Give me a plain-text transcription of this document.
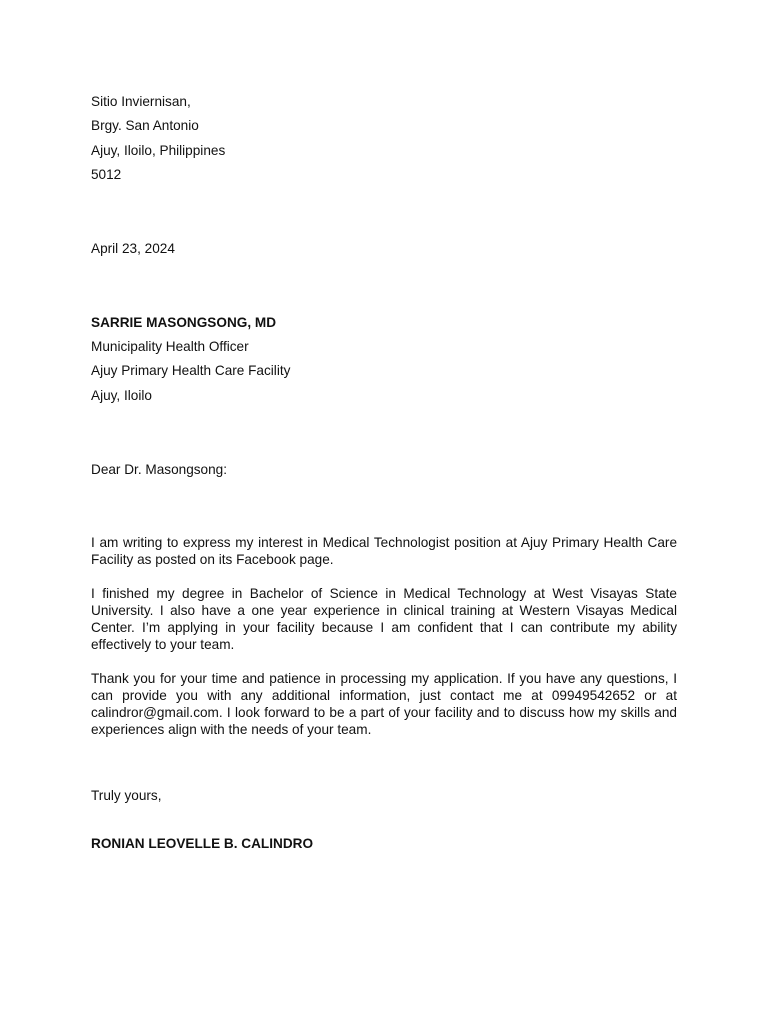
Sitio Inviernisan,
Brgy. San Antonio
Ajuy, Iloilo, Philippines
5012
April 23, 2024
SARRIE MASONGSONG, MD
Municipality Health Officer
Ajuy Primary Health Care Facility
Ajuy, Iloilo
Dear Dr. Masongsong:

I am writing to express my interest in Medical Technologist position at Ajuy Primary Health Care Facility as posted on its Facebook page.

I finished my degree in Bachelor of Science in Medical Technology at West Visayas State University. I also have a one year experience in clinical training at Western Visayas Medical Center. I’m applying in your facility because I am confident that I can contribute my ability effectively to your team.

Thank you for your time and patience in processing my application. If you have any questions, I can provide you with any additional information, just contact me at 09949542652 or at calindror@gmail.com. I look forward to be a part of your facility and to discuss how my skills and experiences align with the needs of your team.

Truly yours,
RONIAN LEOVELLE B. CALINDRO
